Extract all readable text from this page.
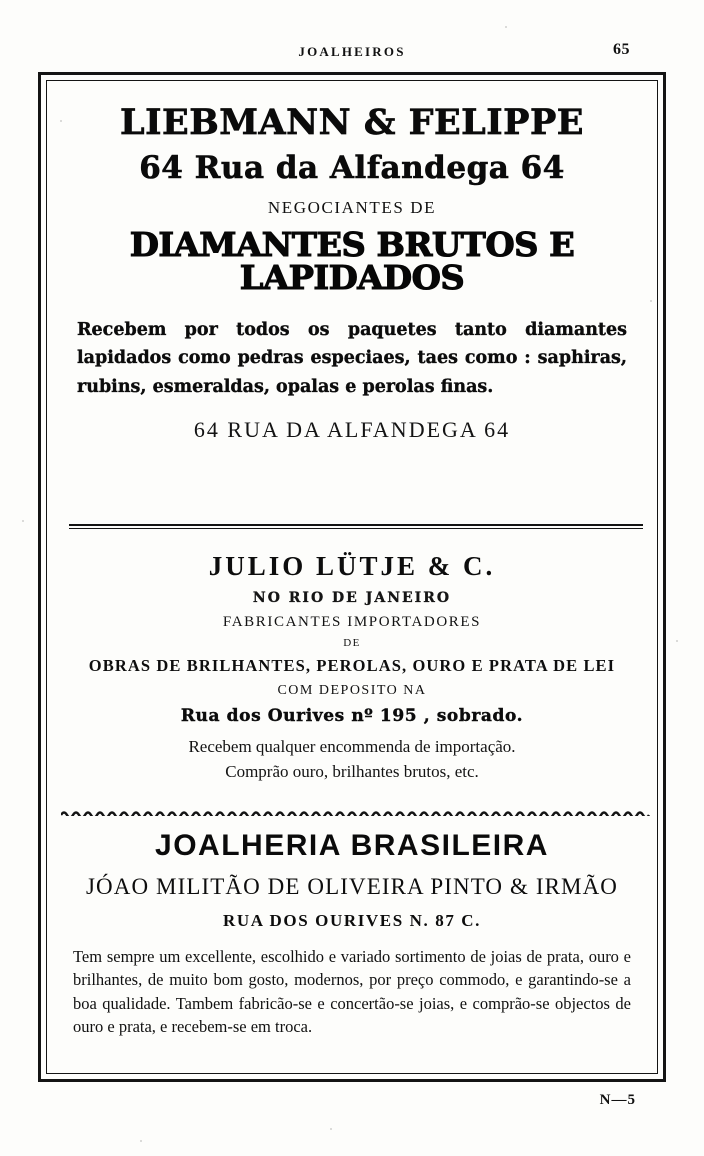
JOALHEIROS	65
LIEBMANN & FELIPPE
64 Rua da Alfandega 64
NEGOCIANTES DE
DIAMANTES BRUTOS E LAPIDADOS
Recebem por todos os paquetes tanto diamantes lapidados como pedras especiaes, taes como : saphiras, rubins, esmeraldas, opalas e perolas finas.
64 RUA DA ALFANDEGA 64
JULIO LÜTJE & C.
NO RIO DE JANEIRO
FABRICANTES IMPORTADORES
DE
OBRAS DE BRILHANTES, PEROLAS, OURO E PRATA DE LEI
COM DEPOSITO NA
Rua dos Ourives nº 195 , sobrado.
Recebem qualquer encommenda de importação.
Comprão ouro, brilhantes brutos, etc.
JOALHERIA BRASILEIRA
JÓAO MILITÃO DE OLIVEIRA PINTO & IRMÃO
RUA DOS OURIVES N. 87 C.
Tem sempre um excellente, escolhido e variado sortimento de joias de prata, ouro e brilhantes, de muito bom gosto, modernos, por preço commodo, e garantindo-se a boa qualidade. Tambem fabricão-se e concertão-se joias, e comprão-se objectos de ouro e prata, e recebem-se em troca.
N—5
